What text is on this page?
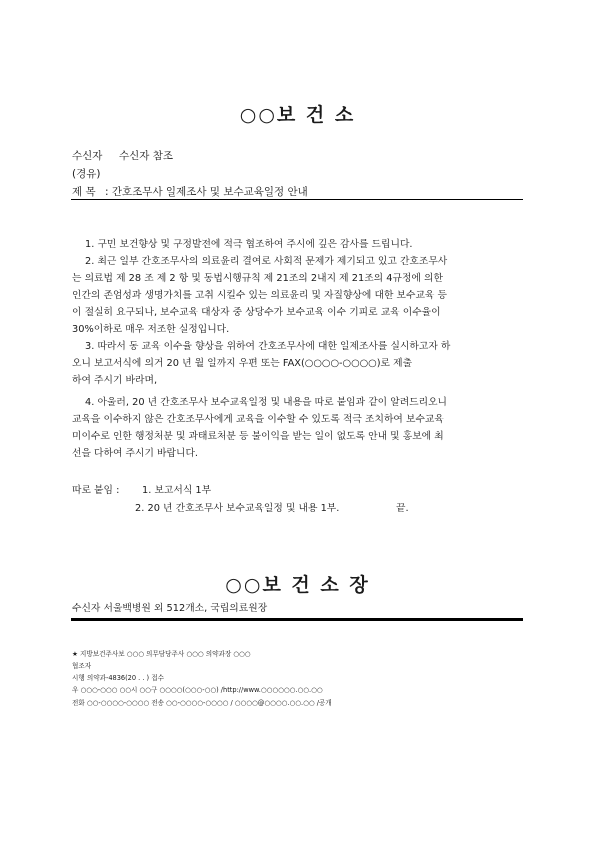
○○보 건 소
수신자 수신자 참조
(경유)
제 목 : 간호조무사 일제조사 및 보수교육일정 안내
1. 구민 보건향상 및 구정발전에 적극 협조하여 주시에 깊은 감사를 드립니다.
2. 최근 일부 간호조무사의 의료윤리 결여로 사회적 문제가 제기되고 있고 간호조무사
는 의료법 제 28 조 제 2 항 및 동법시행규칙 제 21조의 2내지 제 21조의 4규정에 의한
인간의 존엄성과 생명가치를 고취 시킬수 있는 의료윤리 및 자질향상에 대한 보수교육 등
이 절실히 요구되나, 보수교육 대상자 중 상당수가 보수교육 이수 기피로 교육 이수율이
30%이하로 매우 저조한 실정입니다.
3. 따라서 동 교육 이수율 향상을 위하여 간호조무사에 대한 일제조사를 실시하고자 하
오니 보고서식에 의거 20 년 월 일까지 우편 또는 FAX(○○○○-○○○○)로 제출
하여 주시기 바라며,
4. 아울러, 20 년 간호조무사 보수교육일정 및 내용을 따로 붙임과 같이 알려드리오니
교육을 이수하지 않은 간호조무사에게 교육을 이수할 수 있도록 적극 조치하여 보수교육
미이수로 인한 행정처분 및 과태료처분 등 불이익을 받는 일이 없도록 안내 및 홍보에 최
선을 다하여 주시기 바랍니다.
따로 붙임 : 1. 보고서식 1부
2. 20 년 간호조무사 보수교육일정 및 내용 1부.	끝.
○○보 건 소 장
수신자 서울백병원 외 512개소, 국립의료원장
★ 지방보건주사보 ○○○ 의무담당주사 ○○○ 의약과장 ○○○
협조자
시행 의약과-4836(20 . . ) 접수
우 ○○○-○○○ ○○시 ○○구 ○○○○(○○○-○○) /http://www.○○○○○○.○○.○○
전화 ○○-○○○○-○○○○ 전송 ○○-○○○○-○○○○ / ○○○○@○○○○.○○.○○ /공개
